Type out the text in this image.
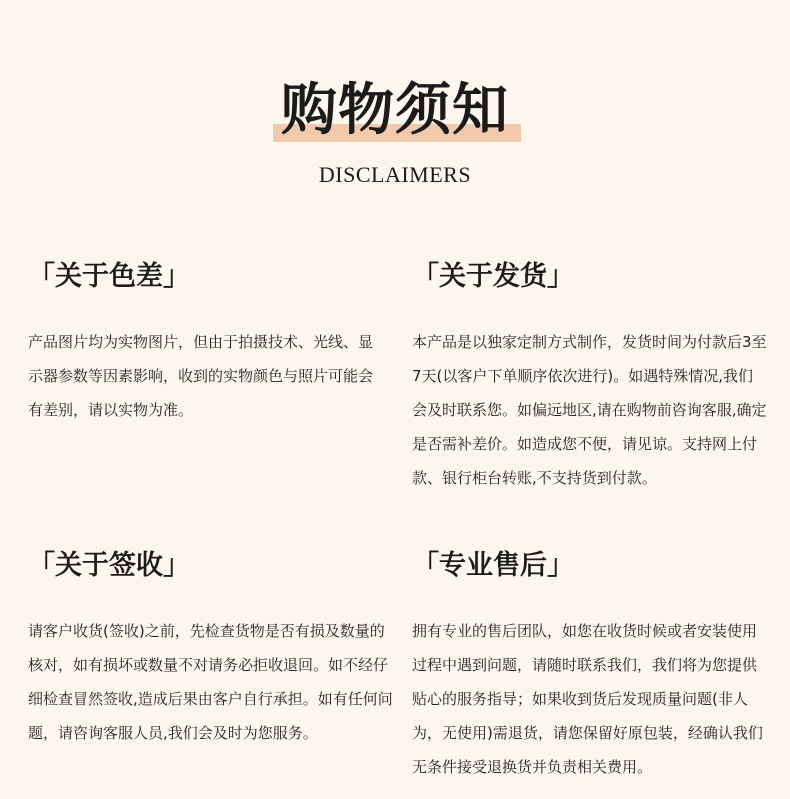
购物须知
DISCLAIMERS
「关于色差」
产品图片均为实物图片，但由于拍摄技术、光线、显示器参数等因素影响，收到的实物颜色与照片可能会有差别，请以实物为准。
「关于发货」
本产品是以独家定制方式制作，发货时间为付款后3至7天(以客户下单顺序依次进行)。如遇特殊情况,我们会及时联系您。如偏远地区,请在购物前咨询客服,确定是否需补差价。如造成您不便，请见谅。支持网上付款、银行柜台转账,不支持货到付款。
「关于签收」
请客户收货(签收)之前，先检查货物是否有损及数量的核对，如有损坏或数量不对请务必拒收退回。如不经仔细检查冒然签收,造成后果由客户自行承担。如有任何问题，请咨询客服人员,我们会及时为您服务。
「专业售后」
拥有专业的售后团队，如您在收货时候或者安装使用过程中遇到问题，请随时联系我们，我们将为您提供贴心的服务指导；如果收到货后发现质量问题(非人为，无使用)需退货，请您保留好原包装，经确认我们无条件接受退换货并负责相关费用。
